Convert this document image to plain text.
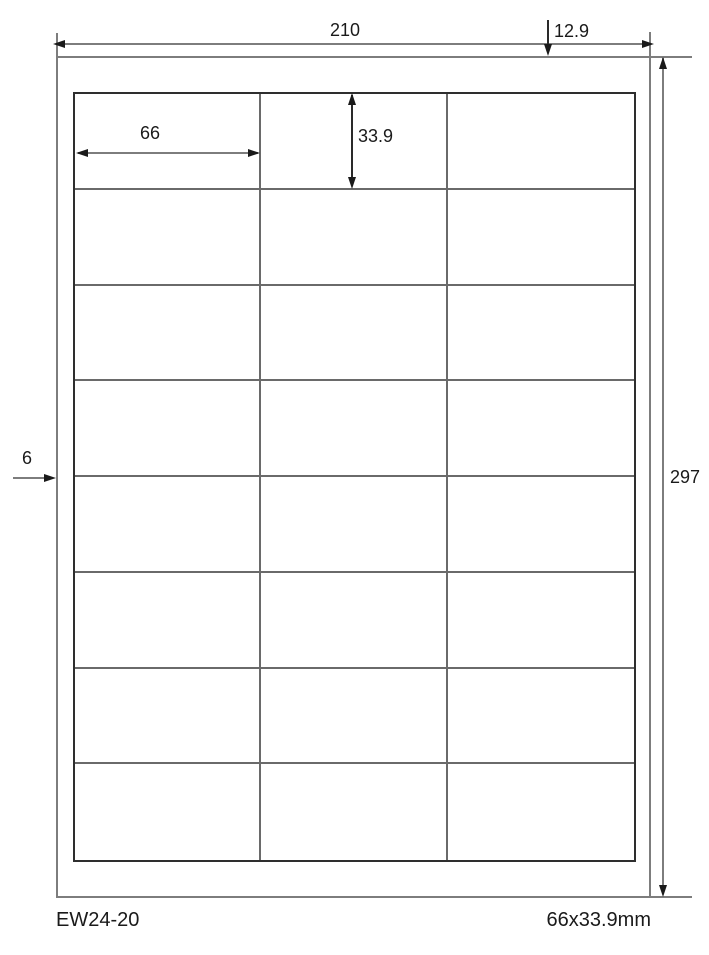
210	12.9
66	33.9
6
297
EW24-20	66x33.9mm
